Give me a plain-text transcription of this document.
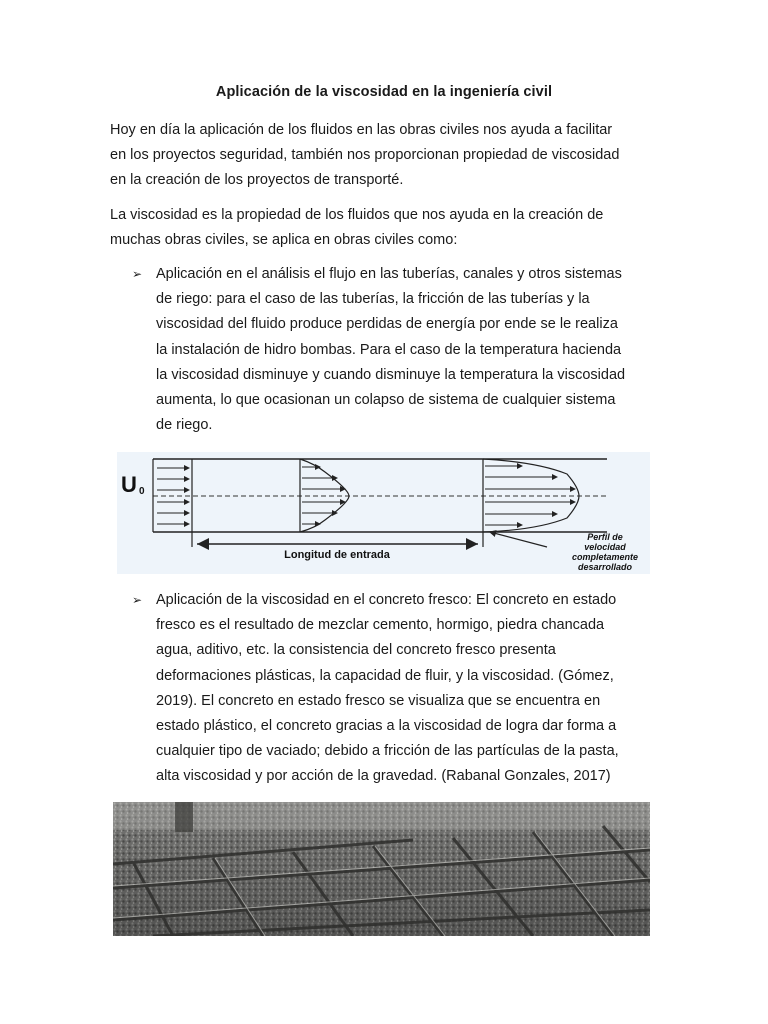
Aplicación de la viscosidad en la ingeniería civil
Hoy en día la aplicación de los fluidos en las obras civiles nos ayuda a facilitar
en los proyectos seguridad, también nos proporcionan propiedad de viscosidad
en la creación de los proyectos de transporté.
La viscosidad es la propiedad de los fluidos que nos ayuda en la creación de
muchas obras civiles, se aplica en obras civiles como:
➢ Aplicación en el análisis el flujo en las tuberías, canales y otros sistemas
de riego: para el caso de las tuberías, la fricción de las tuberías y la
viscosidad del fluido produce perdidas de energía por ende se le realiza
la instalación de hidro bombas. Para el caso de la temperatura hacienda
la viscosidad disminuye y cuando disminuye la temperatura la viscosidad
aumenta, lo que ocasionan un colapso de sistema de cualquier sistema
de riego.
U 0
Longitud de entrada
Perfil de
velocidad
completamente
desarrollado
➢ Aplicación de la viscosidad en el concreto fresco: El concreto en estado
fresco es el resultado de mezclar cemento, hormigo, piedra chancada
agua, aditivo, etc. la consistencia del concreto fresco presenta
deformaciones plásticas, la capacidad de fluir, y la viscosidad. (Gómez,
2019). El concreto en estado fresco se visualiza que se encuentra en
estado plástico, el concreto gracias a la viscosidad de logra dar forma a
cualquier tipo de vaciado; debido a fricción de las partículas de la pasta,
alta viscosidad y por acción de la gravedad. (Rabanal Gonzales, 2017)
